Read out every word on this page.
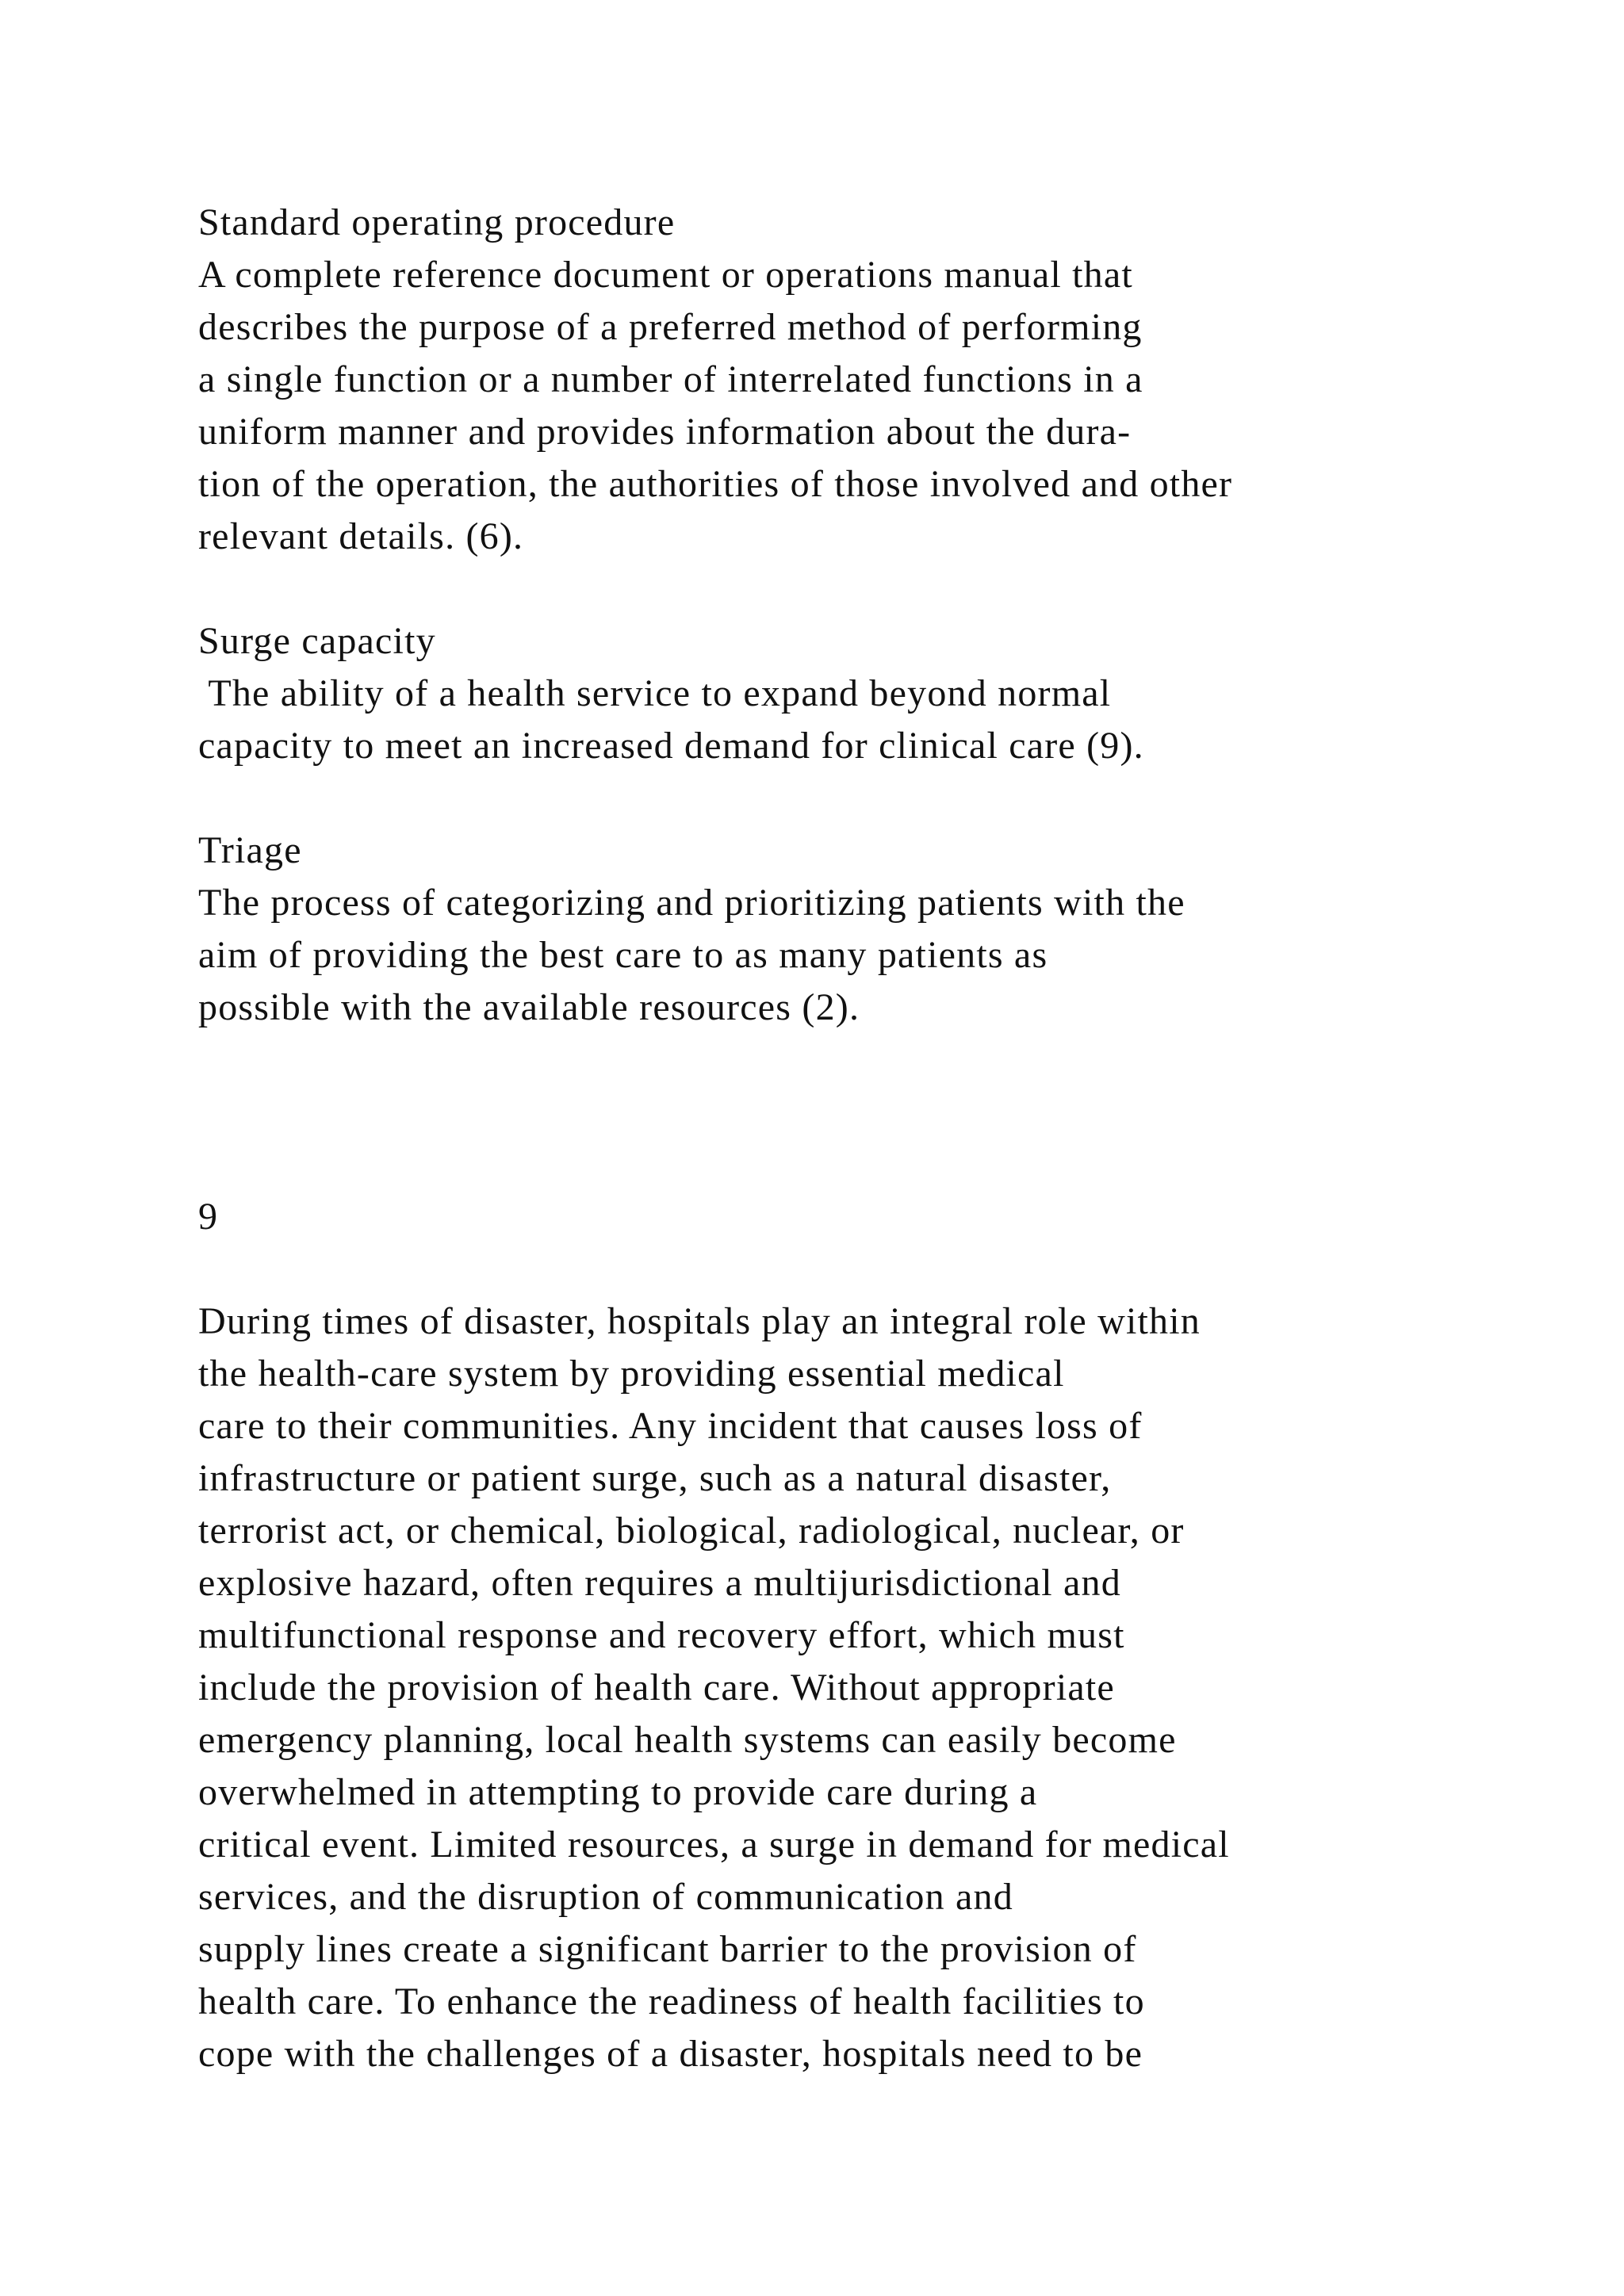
Standard operating procedure
A complete reference document or operations manual that
describes the purpose of a preferred method of performing
a single function or a number of interrelated functions in a
uniform manner and provides information about the dura-
tion of the operation, the authorities of those involved and other
relevant details. (6).
Surge capacity
The ability of a health service to expand beyond normal
capacity to meet an increased demand for clinical care (9).
Triage
The process of categorizing and prioritizing patients with the
aim of providing the best care to as many patients as
possible with the available resources (2).
9
During times of disaster, hospitals play an integral role within
the health-care system by providing essential medical
care to their communities. Any incident that causes loss of
infrastructure or patient surge, such as a natural disaster,
terrorist act, or chemical, biological, radiological, nuclear, or
explosive hazard, often requires a multijurisdictional and
multifunctional response and recovery effort, which must
include the provision of health care. Without appropriate
emergency planning, local health systems can easily become
overwhelmed in attempting to provide care during a
critical event. Limited resources, a surge in demand for medical
services, and the disruption of communication and
supply lines create a significant barrier to the provision of
health care. To enhance the readiness of health facilities to
cope with the challenges of a disaster, hospitals need to be
